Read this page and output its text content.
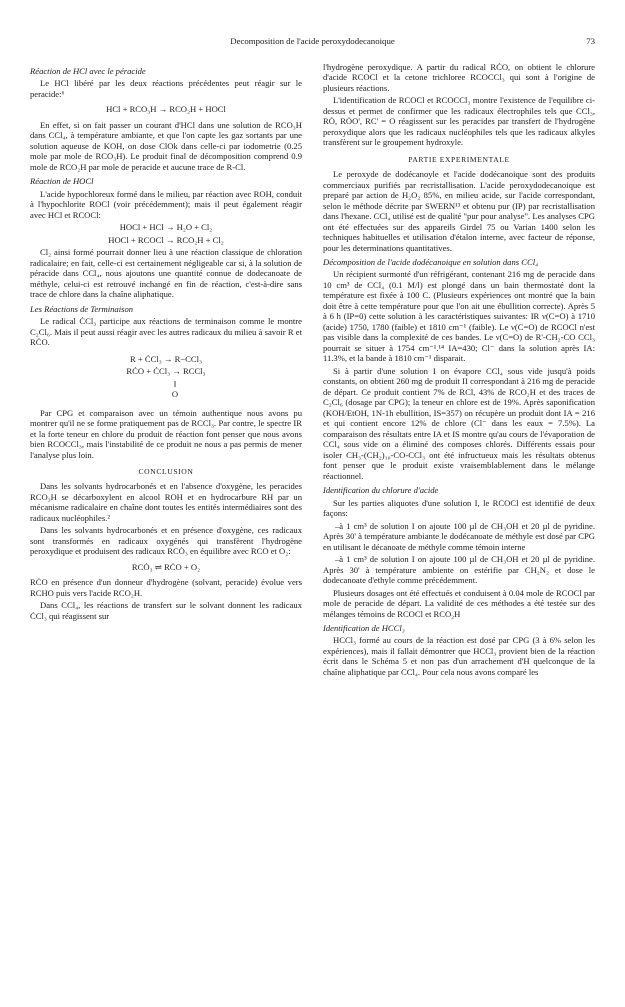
Decomposition de l'acide peroxydodecanoique	73

Réaction de HCl avec le péracide

Le HCl libéré par les deux réactions précédentes peut réagir sur le peracide:⁶

HCl + RCO₃H → RCO₂H + HOCl

En effet, si on fait passer un courant d'HCl dans une solution de RCO₃H dans CCl₄, à température ambiante, et que l'on capte les gaz sortants par une solution aqueuse de KOH, on dose ClOk dans celle-ci par iodometrie (0.25 mole par mole de RCO₃H). Le produit final de décomposition comprend 0.9 mole de RCO₂H par mole de peracide et aucune trace de R-Cl.

Réaction de HOCl

L'acide hypochloreux formé dans le milieu, par réaction avec ROH, conduit à l'hypochlorite ROCl (voir précédemment); mais il peut également réagir avec HCl et RCOCl:

HOCl + HCl → H₂O + Cl₂
HOCl + RCOCl → RCO₂H + Cl₂

Cl₂ ainsi formé pourrait donner lieu à une réaction classique de chloration radicalaire; en fait, celle-ci est certainement négligeable car si, à la solution de péracide dans CCl₄, nous ajoutons une quantité connue de dodecanoate de méthyle, celui-ci est retrouvé inchangé en fin de réaction, c'est-à-dire sans trace de chlore dans la chaîne aliphatique.

Les Réactions de Terminaison

Le radical ĊCl₃ participe aux réactions de terminaison comme le montre C₂Cl₆. Mais il peut aussi réagir avec les autres radicaux du milieu à savoir R et RĊO.

R + ĊCl₃ → R−CCl₃
RĊO + ĊCl₃ → RCCl₃
‖
O

Par CPG et comparaison avec un témoin authentique nous avons pu montrer qu'il ne se forme pratiquement pas de RCCl₃. Par contre, le spectre IR et la forte teneur en chlore du produit de réaction font penser que nous avons bien RCOCCl₃, mais l'instabilité de ce produit ne nous a pas permis de mener l'analyse plus loin.

CONCLUSION

Dans les solvants hydrocarbonés et en l'absence d'oxygène, les peracides RCO₃H se décarboxylent en alcool ROH et en hydrocarbure RH par un mécanisme radicalaire en chaîne dont toutes les entités intermédiaires sont des radicaux nucléophiles.²

Dans les solvants hydrocarbonés et en présence d'oxygène, ces radicaux sont transformés en radicaux oxygénés qui transfèrent l'hydrogène peroxydique et produisent des radicaux RCȮ₃ en équilibre avec RCO et O₂:

RCȮ₃ ⇌ RĊO + O₂

RĊO en présence d'un donneur d'hydrogène (solvant, peracide) évolue vers RCHO puis vers l'acide RCO₂H.

Dans CCl₄, les réactions de transfert sur le solvant donnent les radicaux ĊCl₃ qui réagissent sur

l'hydrogène peroxydique. A partir du radical RĊO, on obtient le chlorure d'acide RCOCl et la cetone trichloree RCOCCl₃ qui sont à l'origine de plusieurs réactions.

L'identification de RCOCl et RCOCCl₃ montre l'existence de l'equilibre ci-dessus et permet de confirmer que les radicaux électrophiles tels que CCl₃, RȮ, RȮO', RC' = O réagissent sur les peracides par transfert de l'hydrogène peroxydique alors que les radicaux nucléophiles tels que les radicaux alkyles transfèrent sur le groupement hydroxyle.

PARTIE EXPERIMENTALE

Le peroxyde de dodécanoyle et l'acide dodécanoique sont des produits commerciaux purifiés par recristallisation. L'acide peroxydodecanoique est preparé par action de H₂O₂ 85%, en milieu acide, sur l'acide correspondant, selon le méthode décrite par SWERN¹³ et obtenu pur (IP) par recristallisation dans l'hexane. CCl₄ utilisé est de qualité "pur pour analyse". Les analyses CPG ont été effectuées sur des appareils Girdel 75 ou Varian 1400 selon les techniques habituelles et utilisation d'étalon interne, avec facteur de réponse, pour les determinations quantitatives.

Décomposition de l'acide dodécanoique en solution dans CCl₄

Un récipient surmonté d'un réfrigérant, contenant 216 mg de peracide dans 10 cm³ de CCl₄ (0.1 M/l) est plongé dans un bain thermostaté dont la température est fixée à 100 C. (Plusieurs expériences ont montré que la bain doit être à cette température pour que l'on ait une ébullition correcte). Après 5 à 6 h (IP=0) cette solution à les caractéristiques suivantes: IR ν(C=O) à 1710 (acide) 1750, 1780 (faible) et 1810 cm⁻¹ (faible). Le ν(C=O) de RCOCl n'est pas visible dans la complexité de ces bandes. Le ν(C=O) de R'-CH₂-CO CCl₃ pourrait se situer à 1754 cm⁻¹.¹⁴ IA=430; Cl⁻ dans la solution après IA: 11.3%, et la bande à 1810 cm⁻¹ disparait.

Si à partir d'une solution I on évapore CCl₄ sous vide jusqu'à poids constants, on obtient 260 mg de produit II correspondant à 216 mg de peracide de départ. Ce produit contient 7% de RCl, 43% de RCO₂H et des traces de C₂Cl₆ (dosage par CPG); la teneur en chlore est de 19%. Après saponification (KOH/EtOH, 1N-1h ebullition, IS=357) on récupère un produit dont IA = 216 et qui contient encore 12% de chlore (Cl⁻ dans les eaux = 7.5%). La comparaison des résultats entre IA et IS montre qu'au cours de l'évaporation de CCl₄ sous vide on a éliminé des composes chlorés. Différents essais pour isoler CH₃-(CH₂)₁₀-CO-CCl₃ ont été infructueux mais les résultats obtenus font penser que le produit existe vraisemblablement dans le mélange réactionnel.

Identification du chlorure d'acide

Sur les parties aliquotes d'une solution I, le RCOCl est identifié de deux façons:

–à 1 cm³ de solution I on ajoute 100 µl de CH₃OH et 20 µl de pyridine. Après 30' à température ambiante le dodécanoate de méthyle est dosé par CPG en utilisant le décanoate de méthyle comme témoin interne

–à 1 cm³ de solution I on ajoute 100 µl de CH₃OH et 20 µl de pyridine. Après 30' à température ambiente on estérifie par CH₂N₂ et dose le dodecanoate d'ethyle comme précédemment.

Plusieurs dosages ont été effectués et conduisent à 0.04 mole de RCOCl par mole de peracide de départ. La validité de ces méthodes a été testée sur des mélanges témoins de RCOCl et RCO₂H

Identification de HCCl₃

HCCl₃ formé au cours de la réaction est dosé par CPG (3 à 6% selon les expériences), mais il fallait démontrer que HCCl₃ provient bien de la réaction écrit dans le Schéma 5 et non pas d'un arrachement d'H quelconque de la chaîne aliphatique par CCl₄. Pour cela nous avons comparé les
